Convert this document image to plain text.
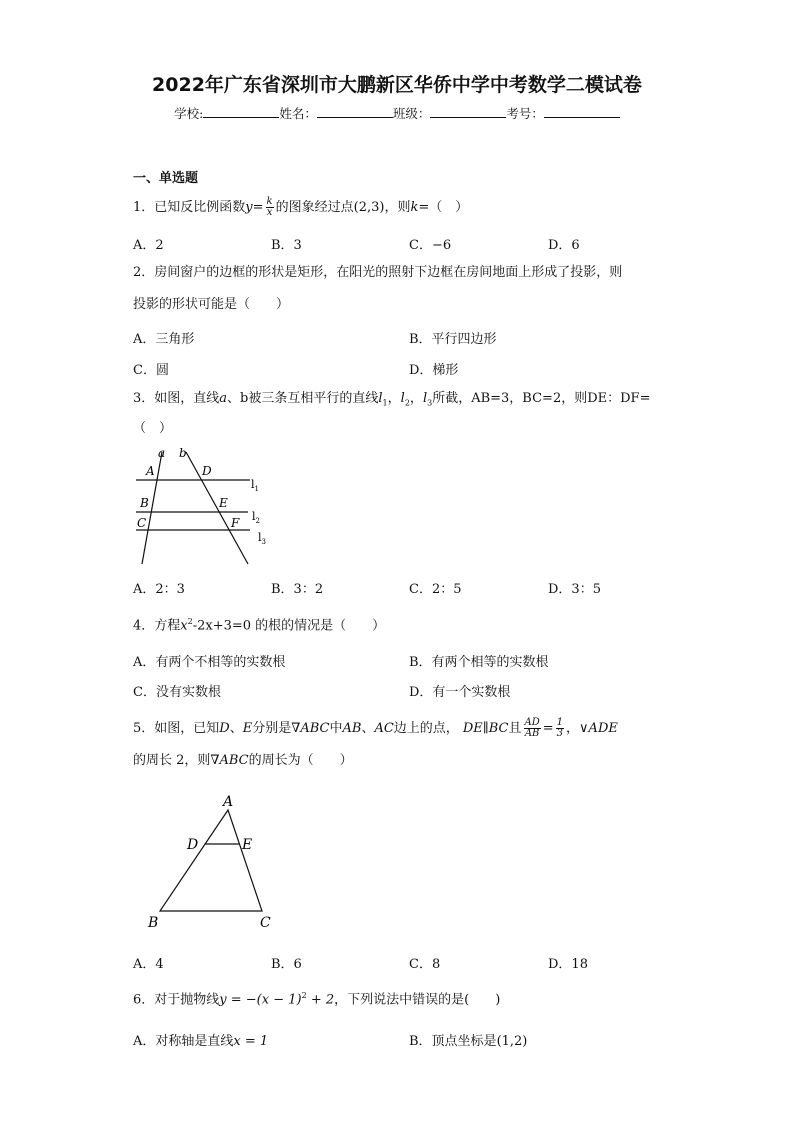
2022年广东省深圳市大鹏新区华侨中学中考数学二模试卷
学校:	姓名：	班级：	考号：
一、单选题
1．已知反比例函数$y= \frac{k}{x}$ 的图象经过点(2,3)，则k=（　）
A．2	B．3	C．−6	D．6
2．房间窗户的边框的形状是矩形，在阳光的照射下边框在房间地面上形成了投影，则
投影的形状可能是（　　）
A．三角形	B．平行四边形
C．圆	D．梯形
3．如图，直线a、b被三条互相平行的直线$l_1$，$l_2$，$l_3$所截，AB=3，BC=2，则DE：DF=
（　）
a b
A	D
B	E
C	F
$l_1$
$l_2$
$l_3$
A．2：3	B．3：2	C．2：5	D．3：5
4．方程$x^2-2x+3=0$ 的根的情况是（　　）
A．有两个不相等的实数根	B．有两个相等的实数根
C．没有实数根	D．有一个实数根
5．如图，已知D、E分别是∇ABC中AB、AC边上的点， DE∥BC且 $\frac{AD}{AB} = \frac{1}{3}$ ，∨ADE
的周长 2，则∇ABC的周长为（　　）
A
D	E
B	C
A．4	B．6	C．8	D．18
6．对于抛物线$y = -(x - 1)^2 + 2$，下列说法中错误的是(　　)
A．对称轴是直线x = 1	B．顶点坐标是(1,2)
